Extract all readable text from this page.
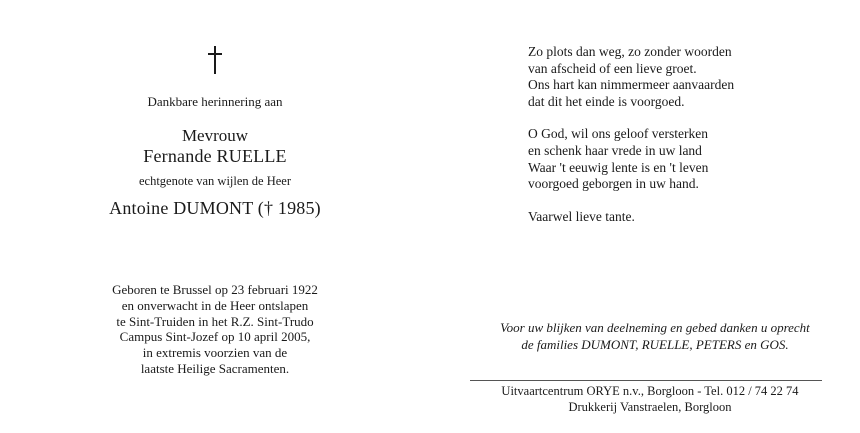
Dankbare herinnering aan
Mevrouw
Fernande RUELLE
echtgenote van wijlen de Heer
Antoine DUMONT († 1985)
Geboren te Brussel op 23 februari 1922
en onverwacht in de Heer ontslapen
te Sint-Truiden in het R.Z. Sint-Trudo
Campus Sint-Jozef op 10 april 2005,
in extremis voorzien van de
laatste Heilige Sacramenten.
Zo plots dan weg, zo zonder woorden
van afscheid of een lieve groet.
Ons hart kan nimmermeer aanvaarden
dat dit het einde is voorgoed.
O God, wil ons geloof versterken
en schenk haar vrede in uw land
Waar 't eeuwig lente is en 't leven
voorgoed geborgen in uw hand.
Vaarwel lieve tante.
Voor uw blijken van deelneming en gebed danken u oprecht
de families DUMONT, RUELLE, PETERS en GOS.
Uitvaartcentrum ORYE n.v., Borgloon - Tel. 012 / 74 22 74
Drukkerij Vanstraelen, Borgloon
